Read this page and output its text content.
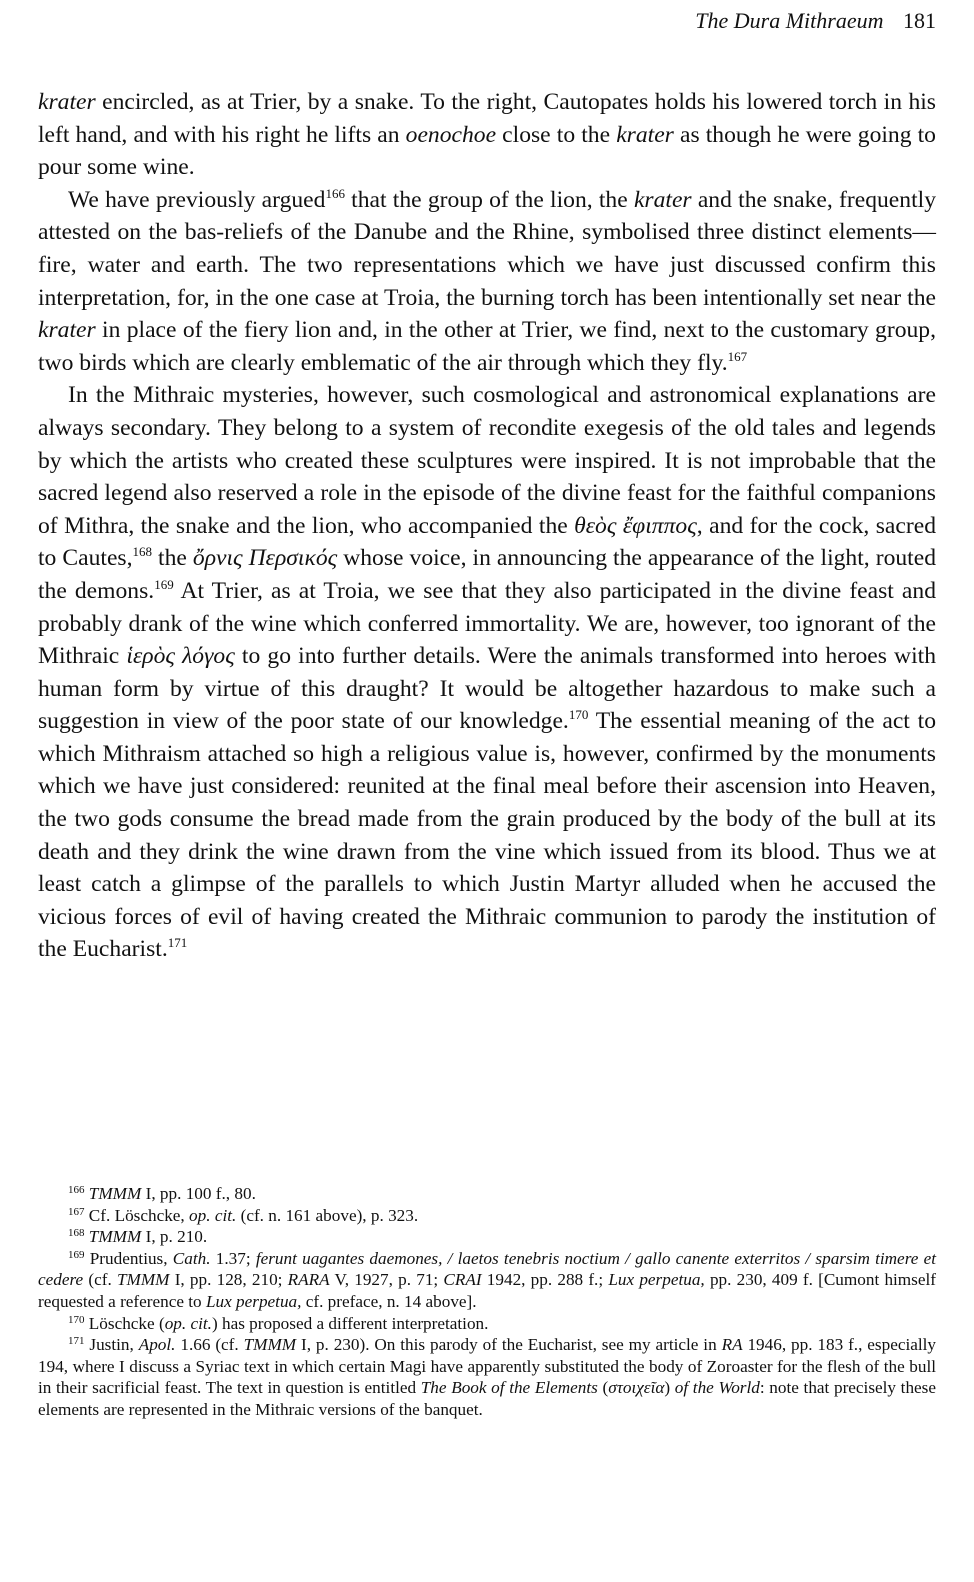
The Dura Mithraeum 181

krater encircled, as at Trier, by a snake. To the right, Cautopates holds his lowered torch in his left hand, and with his right he lifts an oenochoe close to the krater as though he were going to pour some wine.

We have previously argued$^{166}$ that the group of the lion, the krater and the snake, frequently attested on the bas-reliefs of the Danube and the Rhine, symbolised three distinct elements—fire, water and earth. The two representations which we have just discussed confirm this interpretation, for, in the one case at Troia, the burning torch has been intentionally set near the krater in place of the fiery lion and, in the other at Trier, we find, next to the customary group, two birds which are clearly emblematic of the air through which they fly.$^{167}$

In the Mithraic mysteries, however, such cosmological and astronomical explanations are always secondary. They belong to a system of recondite exegesis of the old tales and legends by which the artists who created these sculptures were inspired. It is not improbable that the sacred legend also reserved a role in the episode of the divine feast for the faithful companions of Mithra, the snake and the lion, who accompanied the θεὸς ἔφιππος, and for the cock, sacred to Cautes,$^{168}$ the ὄρνις Περσικός whose voice, in announcing the appearance of the light, routed the demons.$^{169}$ At Trier, as at Troia, we see that they also participated in the divine feast and probably drank of the wine which conferred immortality. We are, however, too ignorant of the Mithraic ἱερὸς λόγος to go into further details. Were the animals transformed into heroes with human form by virtue of this draught? It would be altogether hazardous to make such a suggestion in view of the poor state of our knowledge.$^{170}$ The essential meaning of the act to which Mithraism attached so high a religious value is, however, confirmed by the monuments which we have just considered: reunited at the final meal before their ascension into Heaven, the two gods consume the bread made from the grain produced by the body of the bull at its death and they drink the wine drawn from the vine which issued from its blood. Thus we at least catch a glimpse of the parallels to which Justin Martyr alluded when he accused the vicious forces of evil of having created the Mithraic communion to parody the institution of the Eucharist.$^{171}$

$^{166}$ TMMM I, pp. 100 f., 80.

$^{167}$ Cf. Löschcke, op. cit. (cf. n. 161 above), p. 323.

$^{168}$ TMMM I, p. 210.

$^{169}$ Prudentius, Cath. 1.37; ferunt uagantes daemones, / laetos tenebris noctium / gallo canente exterritos / sparsim timere et cedere (cf. TMMM I, pp. 128, 210; RARA V, 1927, p. 71; CRAI 1942, pp. 288 f.; Lux perpetua, pp. 230, 409 f. [Cumont himself requested a reference to Lux perpetua, cf. preface, n. 14 above].

$^{170}$ Löschcke (op. cit.) has proposed a different interpretation.

$^{171}$ Justin, Apol. 1.66 (cf. TMMM I, p. 230). On this parody of the Eucharist, see my article in RA 1946, pp. 183 f., especially 194, where I discuss a Syriac text in which certain Magi have apparently substituted the body of Zoroaster for the flesh of the bull in their sacrificial feast. The text in question is entitled The Book of the Elements (στοιχεῖα) of the World: note that precisely these elements are represented in the Mithraic versions of the banquet.
